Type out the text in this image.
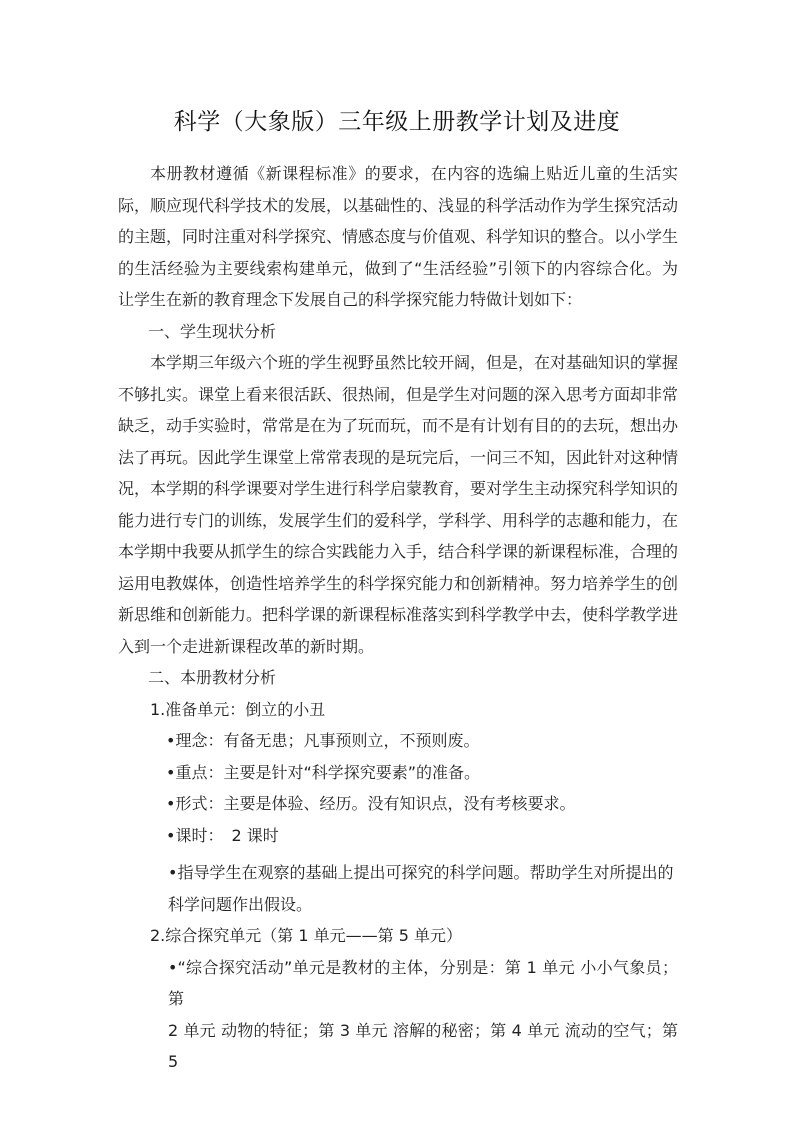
科学（大象版）三年级上册教学计划及进度

本册教材遵循《新课程标准》的要求，在内容的选编上贴近儿童的生活实际，顺应现代科学技术的发展，以基础性的、浅显的科学活动作为学生探究活动的主题，同时注重对科学探究、情感态度与价值观、科学知识的整合。以小学生的生活经验为主要线索构建单元，做到了“生活经验”引领下的内容综合化。为让学生在新的教育理念下发展自己的科学探究能力特做计划如下：

一、学生现状分析

本学期三年级六个班的学生视野虽然比较开阔，但是，在对基础知识的掌握不够扎实。课堂上看来很活跃、很热闹，但是学生对问题的深入思考方面却非常缺乏，动手实验时，常常是在为了玩而玩，而不是有计划有目的的去玩，想出办法了再玩。因此学生课堂上常常表现的是玩完后，一问三不知，因此针对这种情况，本学期的科学课要对学生进行科学启蒙教育，要对学生主动探究科学知识的能力进行专门的训练，发展学生们的爱科学，学科学、用科学的志趣和能力，在本学期中我要从抓学生的综合实践能力入手，结合科学课的新课程标准，合理的运用电教媒体，创造性培养学生的科学探究能力和创新精神。努力培养学生的创新思维和创新能力。把科学课的新课程标准落实到科学教学中去，使科学教学进入到一个走进新课程改革的新时期。

二、本册教材分析

1.准备单元：倒立的小丑

•理念：有备无患；凡事预则立，不预则废。

•重点：主要是针对“科学探究要素”的准备。

•形式：主要是体验、经历。没有知识点，没有考核要求。

•课时：　2 课时

•指导学生在观察的基础上提出可探究的科学问题。帮助学生对所提出的
科学问题作出假设。

2.综合探究单元（第 1 单元——第 5 单元）

•“综合探究活动”单元是教材的主体，分别是：第 1 单元 小小气象员；第
2 单元 动物的特征；第 3 单元 溶解的秘密；第 4 单元 流动的空气；第 5
